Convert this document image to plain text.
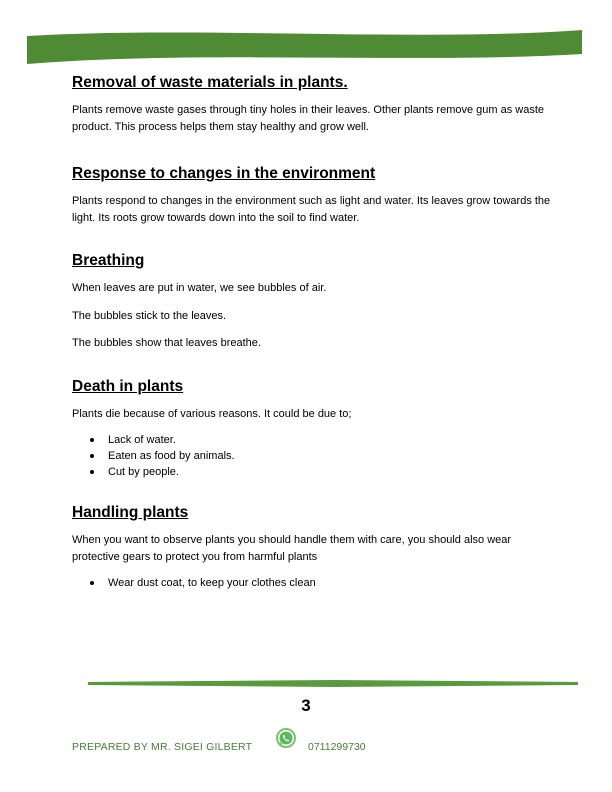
Removal of waste materials in plants.

Plants remove waste gases through tiny holes in their leaves. Other plants remove gum as waste product. This process helps them stay healthy and grow well.

Response to changes in the environment

Plants respond to changes in the environment such as light and water. Its leaves grow towards the light. Its roots grow towards down into the soil to find water.

Breathing

When leaves are put in water, we see bubbles of air.

The bubbles stick to the leaves.

The bubbles show that leaves breathe.

Death in plants

Plants die because of various reasons. It could be due to;

Lack of water.
Eaten as food by animals.
Cut by people.
Handling plants

When you want to observe plants you should handle them with care, you should also wear protective gears to protect you from harmful plants

Wear dust coat, to keep your clothes clean
3
PREPARED BY MR. SIGEI GILBERT	0711299730
